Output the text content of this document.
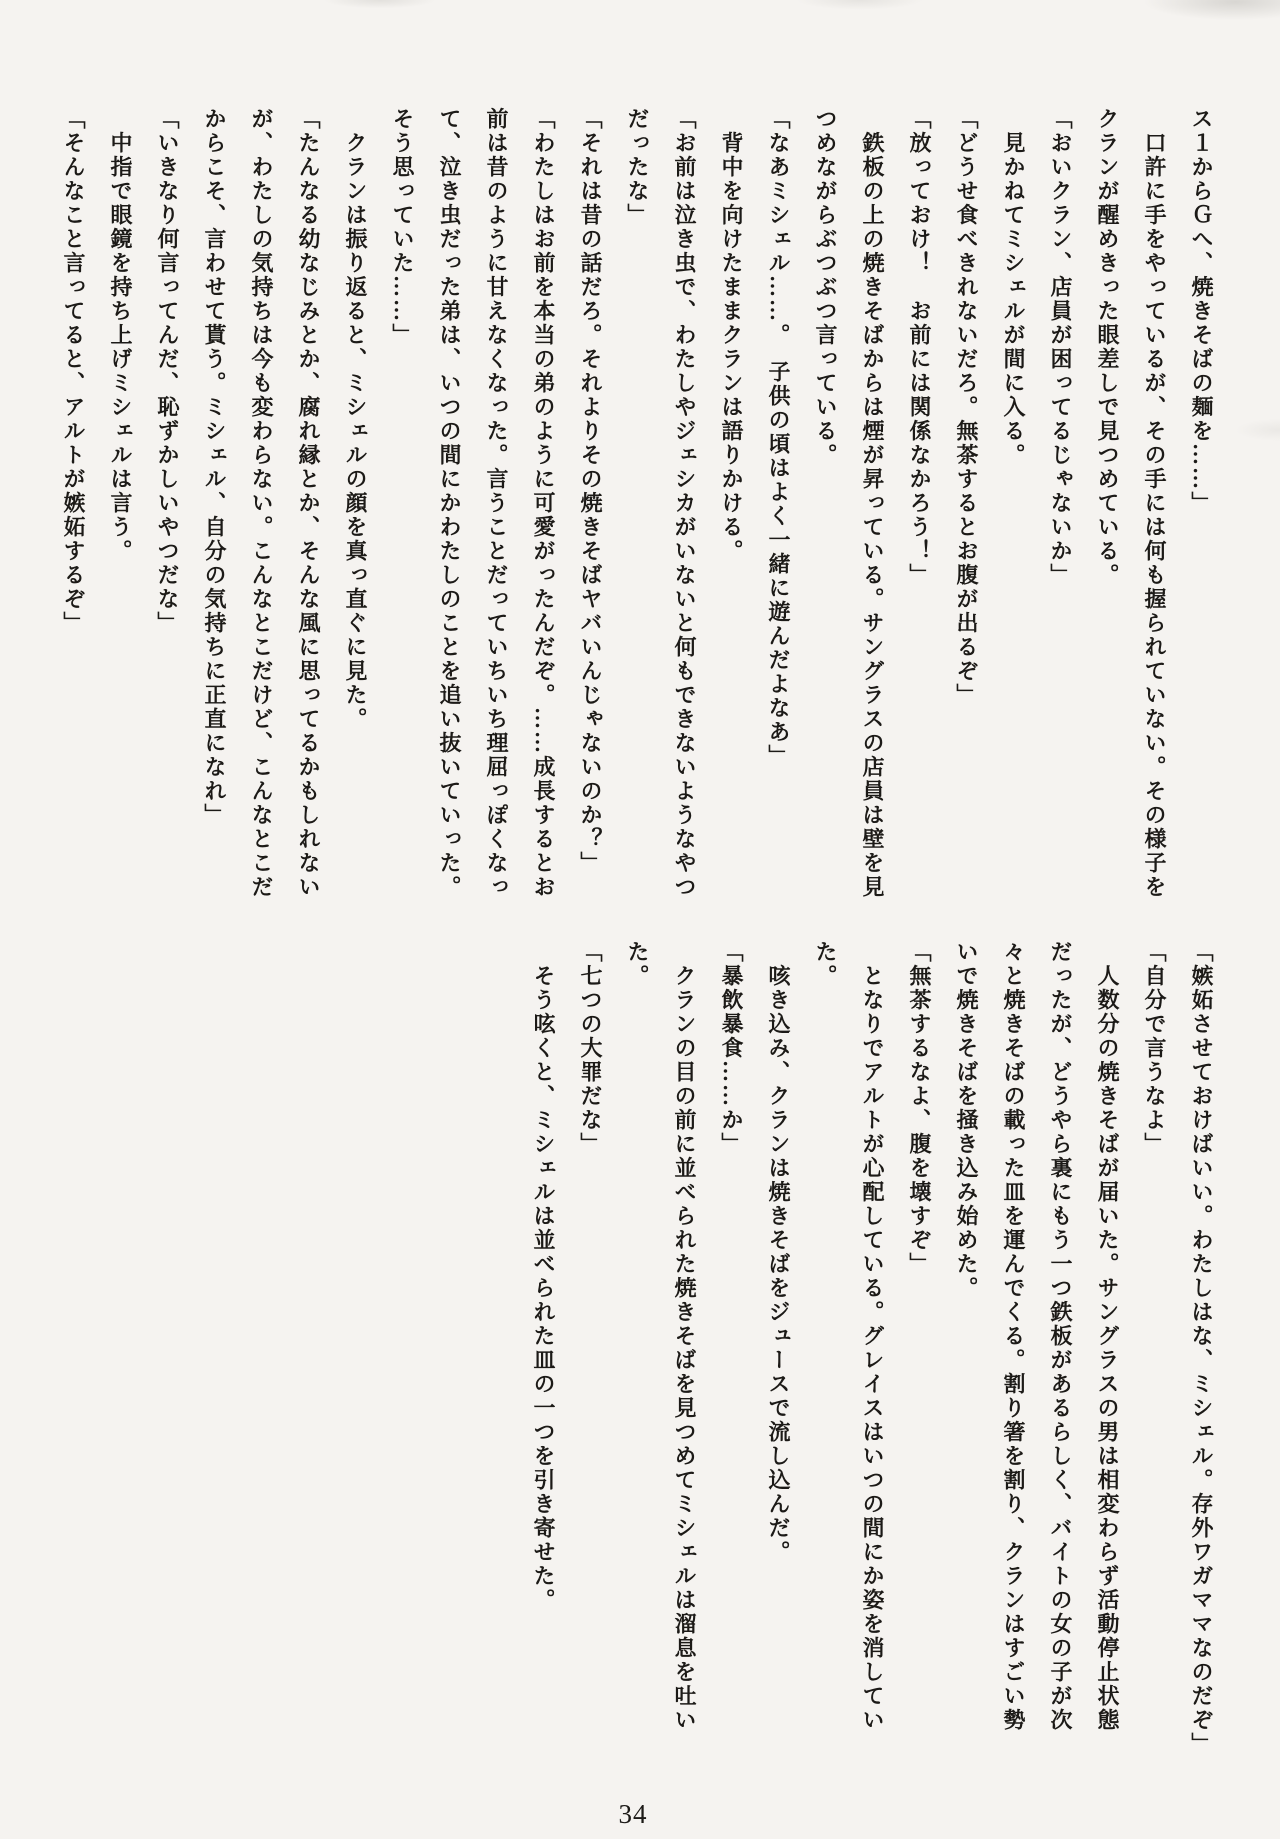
ス１からＧへ、焼きそばの麺を……」

口許に手をやっているが、その手には何も握られていない。その様子を

クランが醒めきった眼差しで見つめている。

「おいクラン、店員が困ってるじゃないか」

見かねてミシェルが間に入る。

「どうせ食べきれないだろ。無茶するとお腹が出るぞ」

「放っておけ！　お前には関係なかろう！」

鉄板の上の焼きそばからは煙が昇っている。サングラスの店員は壁を見

つめながらぶつぶつ言っている。

「なあミシェル……。　子供の頃はよく一緒に遊んだよなあ」

背中を向けたままクランは語りかける。

「お前は泣き虫で、わたしやジェシカがいないと何もできないようなやつ

だったな」

「それは昔の話だろ。それよりその焼きそばヤバいんじゃないのか？」

「わたしはお前を本当の弟のように可愛がったんだぞ。……成長するとお

前は昔のように甘えなくなった。言うことだっていちいち理屈っぽくなっ

て、泣き虫だった弟は、いつの間にかわたしのことを追い抜いていった。

そう思っていた……」

クランは振り返ると、ミシェルの顔を真っ直ぐに見た。

「たんなる幼なじみとか、腐れ縁とか、そんな風に思ってるかもしれない

が、わたしの気持ちは今も変わらない。こんなとこだけど、こんなとこだ

からこそ、言わせて貰う。ミシェル、自分の気持ちに正直になれ」

「いきなり何言ってんだ、恥ずかしいやつだな」

中指で眼鏡を持ち上げミシェルは言う。

「そんなこと言ってると、アルトが嫉妬するぞ」

「嫉妬させておけばいい。わたしはな、ミシェル。存外ワガママなのだぞ」

「自分で言うなよ」

人数分の焼きそばが届いた。サングラスの男は相変わらず活動停止状態

だったが、どうやら裏にもう一つ鉄板があるらしく、バイトの女の子が次

々と焼きそばの載った皿を運んでくる。割り箸を割り、クランはすごい勢

いで焼きそばを掻き込み始めた。

「無茶するなよ、腹を壊すぞ」

となりでアルトが心配している。グレイスはいつの間にか姿を消してい

た。

咳き込み、クランは焼きそばをジュースで流し込んだ。

「暴飲暴食……か」

クランの目の前に並べられた焼きそばを見つめてミシェルは溜息を吐い

た。

「七つの大罪だな」

そう呟くと、ミシェルは並べられた皿の一つを引き寄せた。

34
